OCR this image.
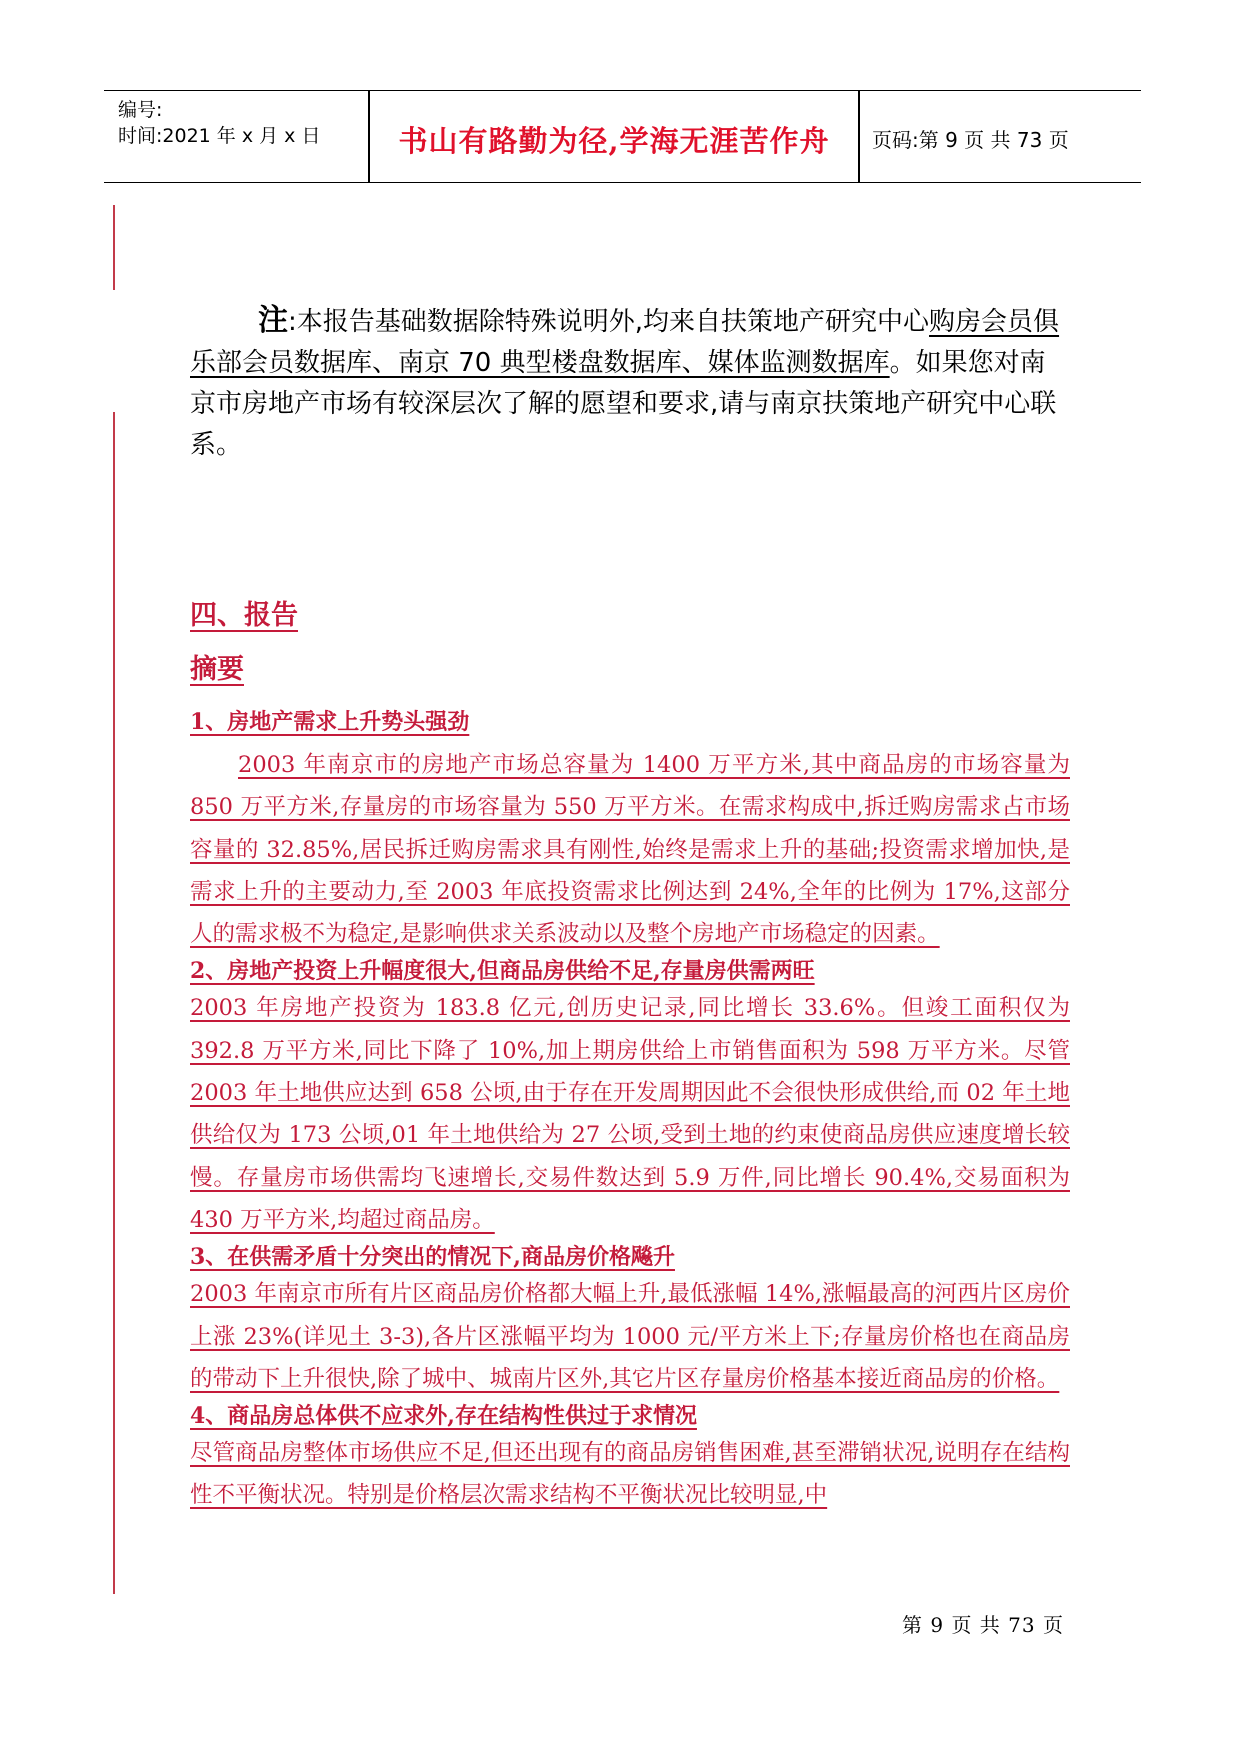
编号:
时间:2021 年 x 月 x 日	书山有路勤为径,学海无涯苦作舟	页码:第 9 页 共 73 页

注:本报告基础数据除特殊说明外,均来自扶策地产研究中心购房会员俱乐部会员数据库、南京 70 典型楼盘数据库、媒体监测数据库。如果您对南京市房地产市场有较深层次了解的愿望和要求,请与南京扶策地产研究中心联系。

四、报告
摘要
1、房地产需求上升势头强劲

2003 年南京市的房地产市场总容量为 1400 万平方米,其中商品房的市场容量为 850 万平方米,存量房的市场容量为 550 万平方米。在需求构成中,拆迁购房需求占市场容量的 32.85%,居民拆迁购房需求具有刚性,始终是需求上升的基础;投资需求增加快,是需求上升的主要动力,至 2003 年底投资需求比例达到 24%,全年的比例为 17%,这部分人的需求极不为稳定,是影响供求关系波动以及整个房地产市场稳定的因素。

2、房地产投资上升幅度很大,但商品房供给不足,存量房供需两旺

2003 年房地产投资为 183.8 亿元,创历史记录,同比增长 33.6%。但竣工面积仅为 392.8 万平方米,同比下降了 10%,加上期房供给上市销售面积为 598 万平方米。尽管 2003 年土地供应达到 658 公顷,由于存在开发周期因此不会很快形成供给,而 02 年土地供给仅为 173 公顷,01 年土地供给为 27 公顷,受到土地的约束使商品房供应速度增长较慢。存量房市场供需均飞速增长,交易件数达到 5.9 万件,同比增长 90.4%,交易面积为 430 万平方米,均超过商品房。

3、在供需矛盾十分突出的情况下,商品房价格飚升

2003 年南京市所有片区商品房价格都大幅上升,最低涨幅 14%,涨幅最高的河西片区房价上涨 23%(详见土 3-3),各片区涨幅平均为 1000 元/平方米上下;存量房价格也在商品房的带动下上升很快,除了城中、城南片区外,其它片区存量房价格基本接近商品房的价格。

4、商品房总体供不应求外,存在结构性供过于求情况

尽管商品房整体市场供应不足,但还出现有的商品房销售困难,甚至滞销状况,说明存在结构性不平衡状况。特别是价格层次需求结构不平衡状况比较明显,中

第 9 页 共 73 页
